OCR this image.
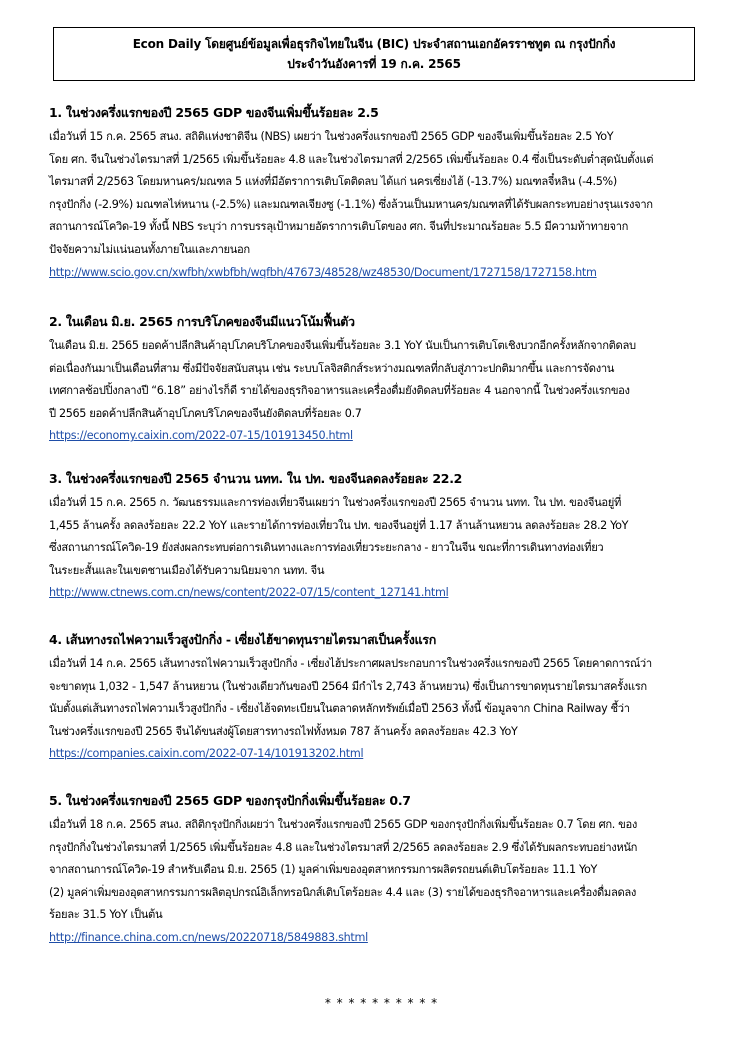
Econ Daily โดยศูนย์ข้อมูลเพื่อธุรกิจไทยในจีน (BIC) ประจำสถานเอกอัครราชทูต ณ กรุงปักกิ่ง
ประจำวันอังคารที่ 19 ก.ค. 2565
1. ในช่วงครึ่งแรกของปี 2565 GDP ของจีนเพิ่มขึ้นร้อยละ 2.5

เมื่อวันที่ 15 ก.ค. 2565 สนง. สถิติแห่งชาติจีน (NBS) เผยว่า ในช่วงครึ่งแรกของปี 2565 GDP ของจีนเพิ่มขึ้นร้อยละ 2.5 YoY

โดย ศก. จีนในช่วงไตรมาสที่ 1/2565 เพิ่มขึ้นร้อยละ 4.8 และในช่วงไตรมาสที่ 2/2565 เพิ่มขึ้นร้อยละ 0.4 ซึ่งเป็นระดับต่ำสุดนับตั้งแต่

ไตรมาสที่ 2/2563 โดยมหานคร/มณฑล 5 แห่งที่มีอัตราการเติบโตติดลบ ได้แก่ นครเซี่ยงไฮ้ (-13.7%) มณฑลจี๋หลิน (-4.5%)

กรุงปักกิ่ง (-2.9%) มณฑลไห่หนาน (-2.5%) และมณฑลเจียงซู (-1.1%) ซึ่งล้วนเป็นมหานคร/มณฑลที่ได้รับผลกระทบอย่างรุนแรงจาก

สถานการณ์โควิด-19 ทั้งนี้ NBS ระบุว่า การบรรลุเป้าหมายอัตราการเติบโตของ ศก. จีนที่ประมาณร้อยละ 5.5 มีความท้าทายจาก

ปัจจัยความไม่แน่นอนทั้งภายในและภายนอก

http://www.scio.gov.cn/xwfbh/xwbfbh/wqfbh/47673/48528/wz48530/Document/1727158/1727158.htm
2. ในเดือน มิ.ย. 2565 การบริโภคของจีนมีแนวโน้มฟื้นตัว

ในเดือน มิ.ย. 2565 ยอดค้าปลีกสินค้าอุปโภคบริโภคของจีนเพิ่มขึ้นร้อยละ 3.1 YoY นับเป็นการเติบโตเชิงบวกอีกครั้งหลักจากติดลบ

ต่อเนื่องกันมาเป็นเดือนที่สาม ซึ่งมีปัจจัยสนับสนุน เช่น ระบบโลจิสติกส์ระหว่างมณฑลที่กลับสู่ภาวะปกติมากขึ้น และการจัดงาน

เทศกาลช้อปปิ้งกลางปี “6.18” อย่างไรก็ดี รายได้ของธุรกิจอาหารและเครื่องดื่มยังติดลบที่ร้อยละ 4 นอกจากนี้ ในช่วงครึ่งแรกของ

ปี 2565 ยอดค้าปลีกสินค้าอุปโภคบริโภคของจีนยังติดลบที่ร้อยละ 0.7

https://economy.caixin.com/2022-07-15/101913450.html
3. ในช่วงครึ่งแรกของปี 2565 จำนวน นทท. ใน ปท. ของจีนลดลงร้อยละ 22.2

เมื่อวันที่ 15 ก.ค. 2565 ก. วัฒนธรรมและการท่องเที่ยวจีนเผยว่า ในช่วงครึ่งแรกของปี 2565 จำนวน นทท. ใน ปท. ของจีนอยู่ที่

1,455 ล้านครั้ง ลดลงร้อยละ 22.2 YoY และรายได้การท่องเที่ยวใน ปท. ของจีนอยู่ที่ 1.17 ล้านล้านหยวน ลดลงร้อยละ 28.2 YoY

ซึ่งสถานการณ์โควิด-19 ยังส่งผลกระทบต่อการเดินทางและการท่องเที่ยวระยะกลาง - ยาวในจีน ขณะที่การเดินทางท่องเที่ยว

ในระยะสั้นและในเขตชานเมืองได้รับความนิยมจาก นทท. จีน

http://www.ctnews.com.cn/news/content/2022-07/15/content_127141.html
4. เส้นทางรถไฟความเร็วสูงปักกิ่ง - เซี่ยงไฮ้ขาดทุนรายไตรมาสเป็นครั้งแรก

เมื่อวันที่ 14 ก.ค. 2565 เส้นทางรถไฟความเร็วสูงปักกิ่ง - เซี่ยงไฮ้ประกาศผลประกอบการในช่วงครึ่งแรกของปี 2565 โดยคาดการณ์ว่า

จะขาดทุน 1,032 - 1,547 ล้านหยวน (ในช่วงเดียวกันของปี 2564 มีกำไร 2,743 ล้านหยวน) ซึ่งเป็นการขาดทุนรายไตรมาสครั้งแรก

นับตั้งแต่เส้นทางรถไฟความเร็วสูงปักกิ่ง - เซี่ยงไฮ้จดทะเบียนในตลาดหลักทรัพย์เมื่อปี 2563 ทั้งนี้ ข้อมูลจาก China Railway ชี้ว่า

ในช่วงครึ่งแรกของปี 2565 จีนได้ขนส่งผู้โดยสารทางรถไฟทั้งหมด 787 ล้านครั้ง ลดลงร้อยละ 42.3 YoY

https://companies.caixin.com/2022-07-14/101913202.html
5. ในช่วงครึ่งแรกของปี 2565 GDP ของกรุงปักกิ่งเพิ่มขึ้นร้อยละ 0.7

เมื่อวันที่ 18 ก.ค. 2565 สนง. สถิติกรุงปักกิ่งเผยว่า ในช่วงครึ่งแรกของปี 2565 GDP ของกรุงปักกิ่งเพิ่มขึ้นร้อยละ 0.7 โดย ศก. ของ

กรุงปักกิ่งในช่วงไตรมาสที่ 1/2565 เพิ่มขึ้นร้อยละ 4.8 และในช่วงไตรมาสที่ 2/2565 ลดลงร้อยละ 2.9 ซึ่งได้รับผลกระทบอย่างหนัก

จากสถานการณ์โควิด-19 สำหรับเดือน มิ.ย. 2565 (1) มูลค่าเพิ่มของอุตสาหกรรมการผลิตรถยนต์เติบโตร้อยละ 11.1 YoY

(2) มูลค่าเพิ่มของอุตสาหกรรมการผลิตอุปกรณ์อิเล็กทรอนิกส์เติบโตร้อยละ 4.4 และ (3) รายได้ของธุรกิจอาหารและเครื่องดื่มลดลง

ร้อยละ 31.5 YoY เป็นต้น

http://finance.china.com.cn/news/20220718/5849883.shtml
* * * * * * * * * *
